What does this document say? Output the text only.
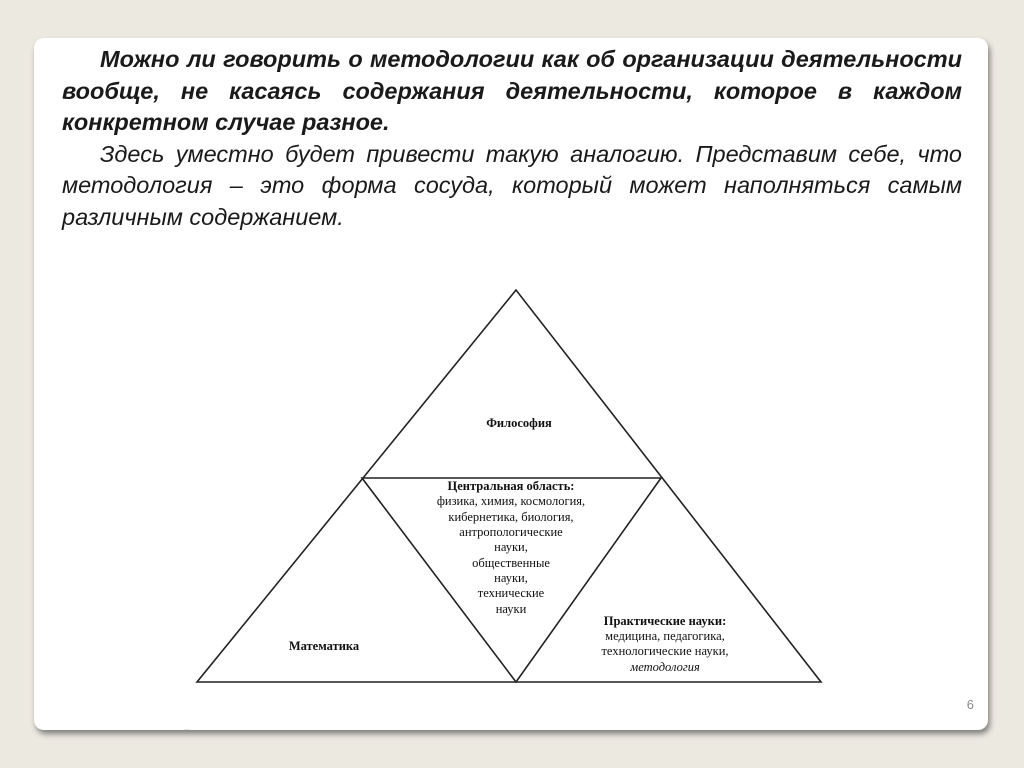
Можно ли говорить о методологии как об организации деятельности вообще, не касаясь содержания деятельности, которое в каждом конкретном случае разное.

Здесь уместно будет привести такую аналогию. Представим себе, что методология – это форма сосуда, который может наполняться самым различным содержанием.

6
Философия
Центральная область:
физика, химия, космология,
кибернетика, биология,
антропологические
науки,
общественные
науки,
технические
науки
Математика
Практические науки:
медицина, педагогика,
технологические науки,
методология
